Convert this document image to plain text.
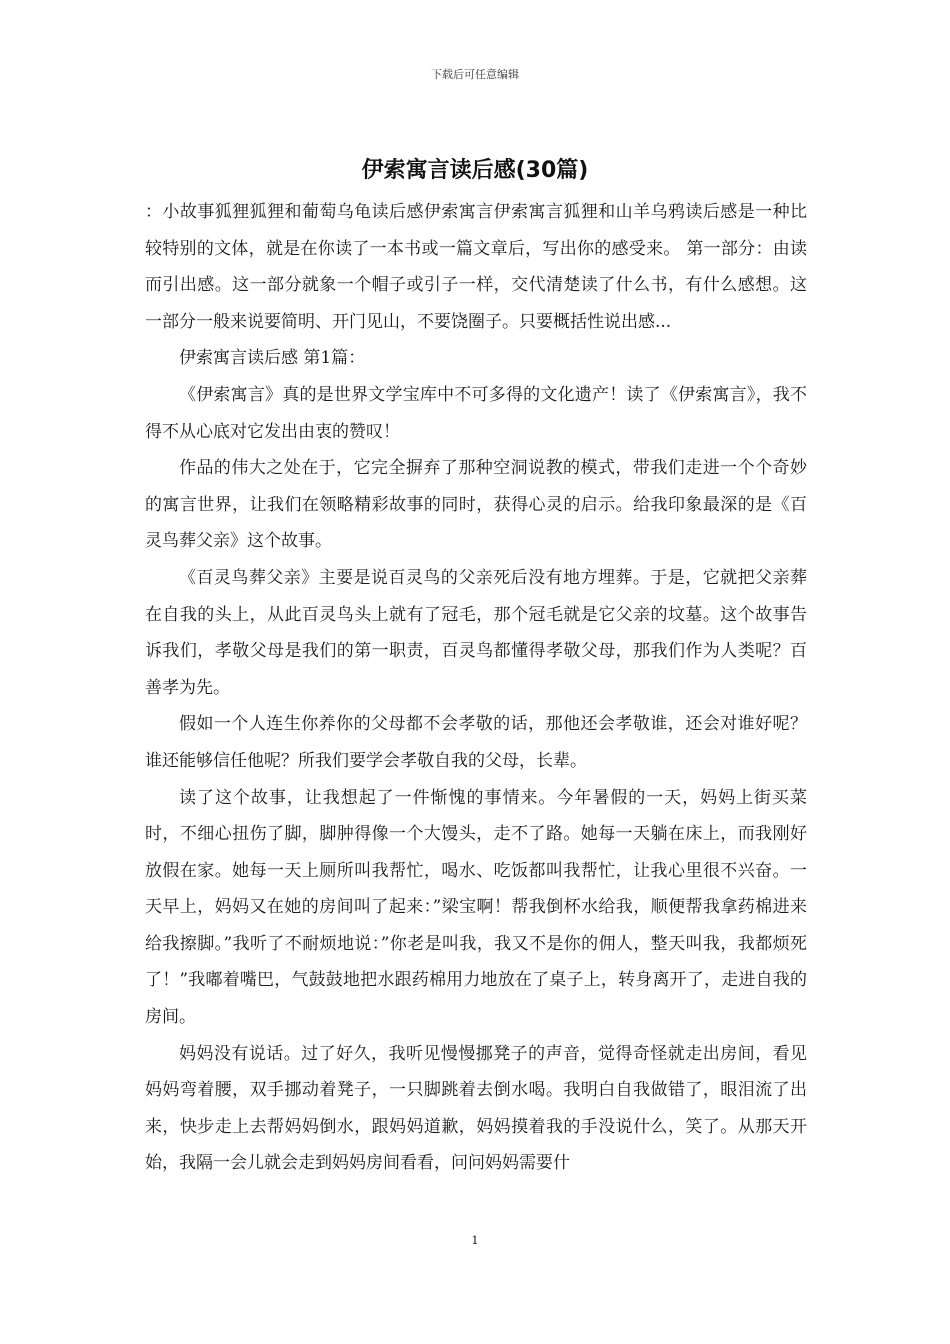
下载后可任意编辑
伊索寓言读后感(30篇)

：小故事狐狸狐狸和葡萄乌龟读后感伊索寓言伊索寓言狐狸和山羊乌鸦读后感是一种比较特别的文体，就是在你读了一本书或一篇文章后，写出你的感受来。 第一部分：由读而引出感。这一部分就象一个帽子或引子一样，交代清楚读了什么书，有什么感想。这一部分一般来说要简明、开门见山，不要饶圈子。只要概括性说出感...

伊索寓言读后感 第1篇：

《伊索寓言》真的是世界文学宝库中不可多得的文化遗产！读了《伊索寓言》，我不得不从心底对它发出由衷的赞叹！

作品的伟大之处在于，它完全摒弃了那种空洞说教的模式，带我们走进一个个奇妙的寓言世界，让我们在领略精彩故事的同时，获得心灵的启示。给我印象最深的是《百灵鸟葬父亲》这个故事。

《百灵鸟葬父亲》主要是说百灵鸟的父亲死后没有地方埋葬。于是，它就把父亲葬在自我的头上，从此百灵鸟头上就有了冠毛，那个冠毛就是它父亲的坟墓。这个故事告诉我们，孝敬父母是我们的第一职责，百灵鸟都懂得孝敬父母，那我们作为人类呢？百善孝为先。

假如一个人连生你养你的父母都不会孝敬的话，那他还会孝敬谁，还会对谁好呢？谁还能够信任他呢？所我们要学会孝敬自我的父母，长辈。

读了这个故事，让我想起了一件惭愧的事情来。今年暑假的一天，妈妈上街买菜时，不细心扭伤了脚，脚肿得像一个大馒头，走不了路。她每一天躺在床上，而我刚好放假在家。她每一天上厕所叫我帮忙，喝水、吃饭都叫我帮忙，让我心里很不兴奋。一天早上，妈妈又在她的房间叫了起来：”梁宝啊！帮我倒杯水给我，顺便帮我拿药棉进来给我擦脚。”我听了不耐烦地说：”你老是叫我，我又不是你的佣人，整天叫我，我都烦死了！”我嘟着嘴巴，气鼓鼓地把水跟药棉用力地放在了桌子上，转身离开了，走进自我的房间。

妈妈没有说话。过了好久，我听见慢慢挪凳子的声音，觉得奇怪就走出房间，看见妈妈弯着腰，双手挪动着凳子，一只脚跳着去倒水喝。我明白自我做错了，眼泪流了出来，快步走上去帮妈妈倒水，跟妈妈道歉，妈妈摸着我的手没说什么，笑了。从那天开始，我隔一会儿就会走到妈妈房间看看，问问妈妈需要什

1
